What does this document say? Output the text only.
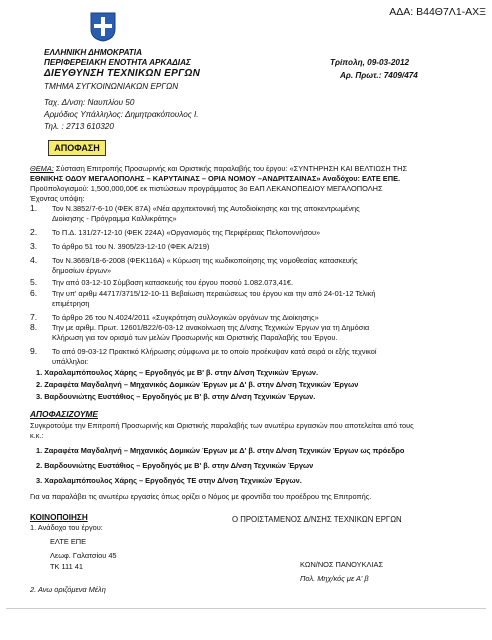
ΑΔΑ: Β44Θ7Λ1-ΑΧΞ
ΕΛΛΗΝΙΚΗ ΔΗΜΟΚΡΑΤΙΑ
ΠΕΡΙΦΕΡΕΙΑΚΗ ΕΝΟΤΗΤΑ ΑΡΚΑΔΙΑΣ
ΔΙΕΥΘΥΝΣΗ ΤΕΧΝΙΚΩΝ ΕΡΓΩΝ
ΤΜΗΜΑ ΣΥΓΚΟΙΝΩΝΙΑΚΩΝ ΕΡΓΩΝ
Ταχ. Δ/νση: Ναυπλίου 50
Αρμόδιος Υπάλληλος: Δημητρακόπουλος Ι.
Τηλ. : 2713 610320
Τρίπολη, 09-03-2012
Αρ. Πρωτ.: 7409/474
ΑΠΟΦΑΣΗ
ΘΕΜΑ: Σύσταση Επιτροπής Προσωρινής και Οριστικής παραλαβής του έργου: «ΣΥΝΤΗΡΗΣΗ ΚΑΙ ΒΕΛΤΙΩΣΗ ΤΗΣ
ΕΘΝΙΚΗΣ ΟΔΟΥ ΜΕΓΑΛΟΠΟΛΗΣ – ΚΑΡΥΤΑΙΝΑΣ – ΟΡΙΑ ΝΟΜΟΥ –ΑΝΔΡΙΤΣΑΙΝΑΣ» Αναδόχου: ΕΛΤΕ ΕΠΕ.
Προϋπολογισμού: 1,500,000,00€ εκ πιστώσεων προγράμματος 3ο ΕΑΠ ΛΕΚΑΝΟΠΕΔΙΟΥ ΜΕΓΑΛΟΠΟΛΗΣ
Έχοντας υπόψη:
1. Τον Ν.3852/7-6-10 (ΦΕΚ 87Α) «Νέα αρχιτεκτονική της Αυτοδιοίκησης και της αποκεντρωμένης
Διοίκησης - Πρόγραμμα Καλλικράτης»
2. Το Π.Δ. 131/27-12-10 (ΦΕΚ 224Α) «Οργανισμός της Περιφέρειας Πελοποννήσου»
3. Το άρθρο 51 του Ν. 3905/23-12-10 (ΦΕΚ Α/219)
4. Τον Ν.3669/18-6-2008 (ΦΕΚ116Α) « Κύρωση της κωδικοποίησης της νομοθεσίας κατασκευής
δημοσίων έργων»
5. Την από 03-12-10 Σύμβαση κατασκευής του έργου ποσού 1.082.073,41€.
6. Την υπ' αριθμ 44717/3715/12-10-11 Βεβαίωση περαιώσεως του έργου και την από 24-01-12 Τελική
επιμέτρηση
7. Το άρθρο 26 του Ν.4024/2011 «Συγκρότηση συλλογικών οργάνων της Διοίκησης»
8. Την με αριθμ. Πρωτ. 12601/Β22/6-03-12 ανακοίνωση της Δ/νσης Τεχνικών Έργων για τη Δημόσια
Κλήρωση για τον ορισμό των μελών Προσωρινής και Οριστικής Παραλαβής του Έργου.
9. Το από 09-03-12 Πρακτικό Κλήρωσης σύμφωνα με το οποίο προέκυψαν κατά σειρά οι εξής τεχνικοί
υπάλληλοι:
1. Χαραλαμπόπουλος Χάρης – Εργοδηγός με Β' β. στην Δ/νση Τεχνικών Έργων.
2. Ζαραφέτα Μαγδαληνή – Μηχανικός Δομικών Έργων με Δ' β. στην Δ/νση Τεχνικών Έργων
3. Βαρδουνιώτης Ευστάθιος – Εργοδηγός με Β' β. στην Δ/νση Τεχνικών Έργων.
ΑΠΟΦΑΣΙΖΟΥΜΕ
Συγκροτούμε την Επιτροπή Προσωρινής και Οριστικής παραλαβής των ανωτέρω εργασιών που αποτελείται από τους
κ.κ.:
1. Ζαραφέτα Μαγδαληνή – Μηχανικός Δομικών Έργων με Δ' β. στην Δ/νση Τεχνικών Έργων ως πρόεδρο
2. Βαρδουνιώτης Ευστάθιος – Εργοδηγός με Β' β. στην Δ/νση Τεχνικών Έργων
3. Χαραλαμπόπουλος Χάρης – Εργοδηγός ΤΕ στην Δ/νση Τεχνικών Έργων.
Για να παραλάβει τις ανωτέρω εργασίες όπως ορίζει ο Νόμος με φροντίδα του προέδρου της Επιτροπής.
ΚΟΙΝΟΠΟΙΗΣΗ
1. Ανάδοχο του έργου:
ΕΛΤΕ ΕΠΕ
Λεωφ. Γαλατσίου 45
ΤΚ 111 41
2. Ανω οριζόμενα Μέλη
Ο ΠΡΟΙΣΤΑΜΕΝΟΣ Δ/ΝΣΗΣ ΤΕΧΝΙΚΩΝ ΕΡΓΩΝ
ΚΩΝ/ΝΟΣ ΠΑΝΟΥΚΛΙΑΣ
Πολ. Μηχ/κός με Α' β
